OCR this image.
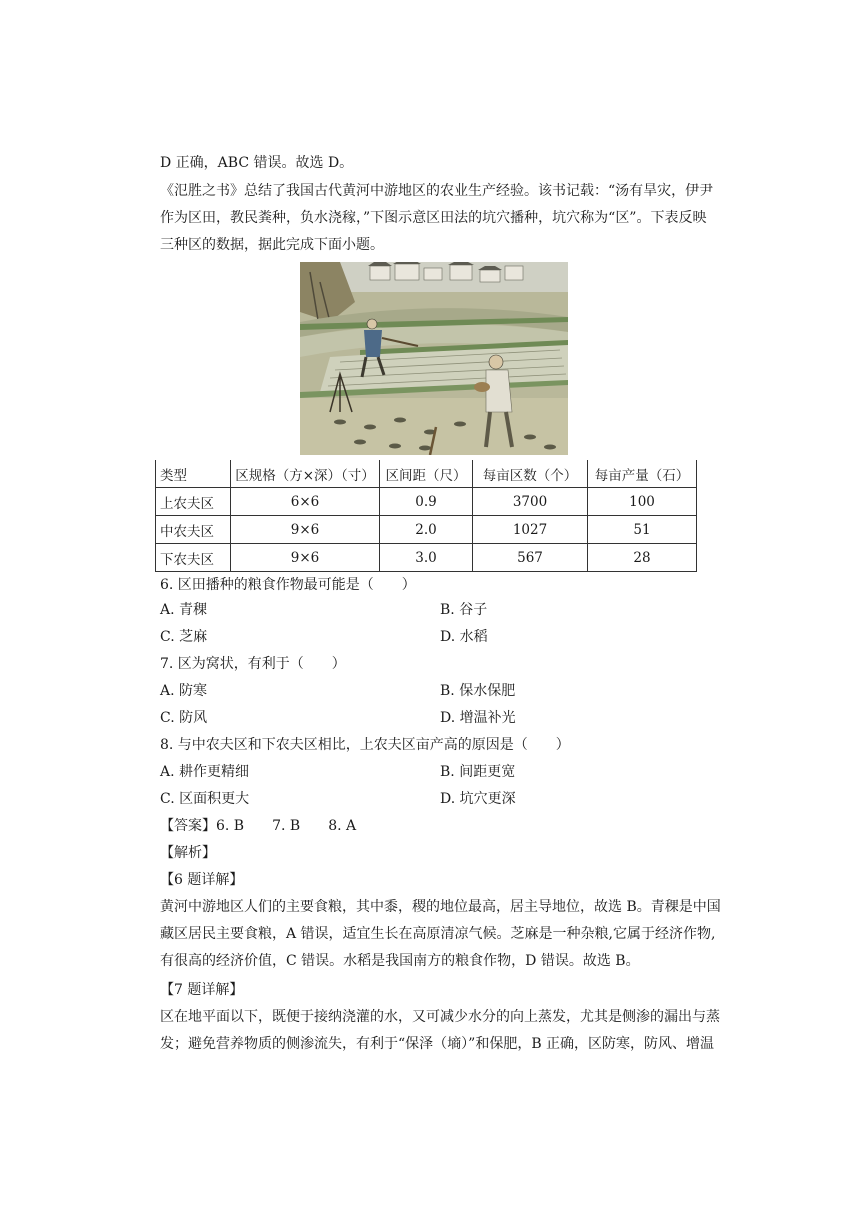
D 正确，ABC 错误。故选 D。
《氾胜之书》总结了我国古代黄河中游地区的农业生产经验。该书记载：“汤有旱灾，伊尹
作为区田，教民粪种，负水浇稼，”下图示意区田法的坑穴播种，坑穴称为“区”。下表反映
三种区的数据，据此完成下面小题。
类型	区规格（方×深）（寸）	区间距（尺）	每亩区数（个）	每亩产量（石）
上农夫区	6×6	0.9	3700	100
中农夫区	9×6	2.0	1027	51
下农夫区	9×6	3.0	567	28
6. 区田播种的粮食作物最可能是（　　）
A. 青稞	B. 谷子
C. 芝麻	D. 水稻
7. 区为窝状，有利于（　　）
A. 防寒	B. 保水保肥
C. 防风	D. 增温补光
8. 与中农夫区和下农夫区相比，上农夫区亩产高的原因是（　　）
A. 耕作更精细	B. 间距更宽
C. 区面积更大	D. 坑穴更深
【答案】6. B　　7. B　　8. A
【解析】
【6 题详解】
黄河中游地区人们的主要食粮，其中黍，稷的地位最高，居主导地位，故选 B。青稞是中国
藏区居民主要食粮，A 错误，适宜生长在高原清凉气候。芝麻是一种杂粮,它属于经济作物,
有很高的经济价值，C 错误。水稻是我国南方的粮食作物，D 错误。故选 B。
【7 题详解】
区在地平面以下，既便于接纳浇灌的水，又可减少水分的向上蒸发，尤其是侧渗的漏出与蒸
发；避免营养物质的侧渗流失，有利于“保泽（墒）”和保肥，B 正确，区防寒，防风、增温
